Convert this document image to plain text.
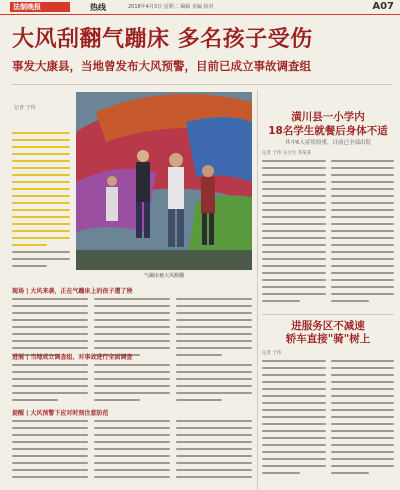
法制晚报	热线	2018年4月3日 星期二 编辑 美编 校对	A07
大风刮翻气蹦床 多名孩子受伤
事发大康县，当地曾发布大风预警，目前已成立事故调查组
记者 于伟
气蹦床被大风掀翻
现场 | 大风来袭，正在气蹦床上的孩子遭了殃
进展 | 当地成立调查组，对事故进行全面调查
提醒 | 大风预警下应对时刻注意防范
潢川县一小学内
18名学生就餐后身体不适
其中6人症状较重，目前已全部出院
记者 于伟 实习生 李某某
进服务区不减速
轿车直接"骑"树上
记者 于伟
